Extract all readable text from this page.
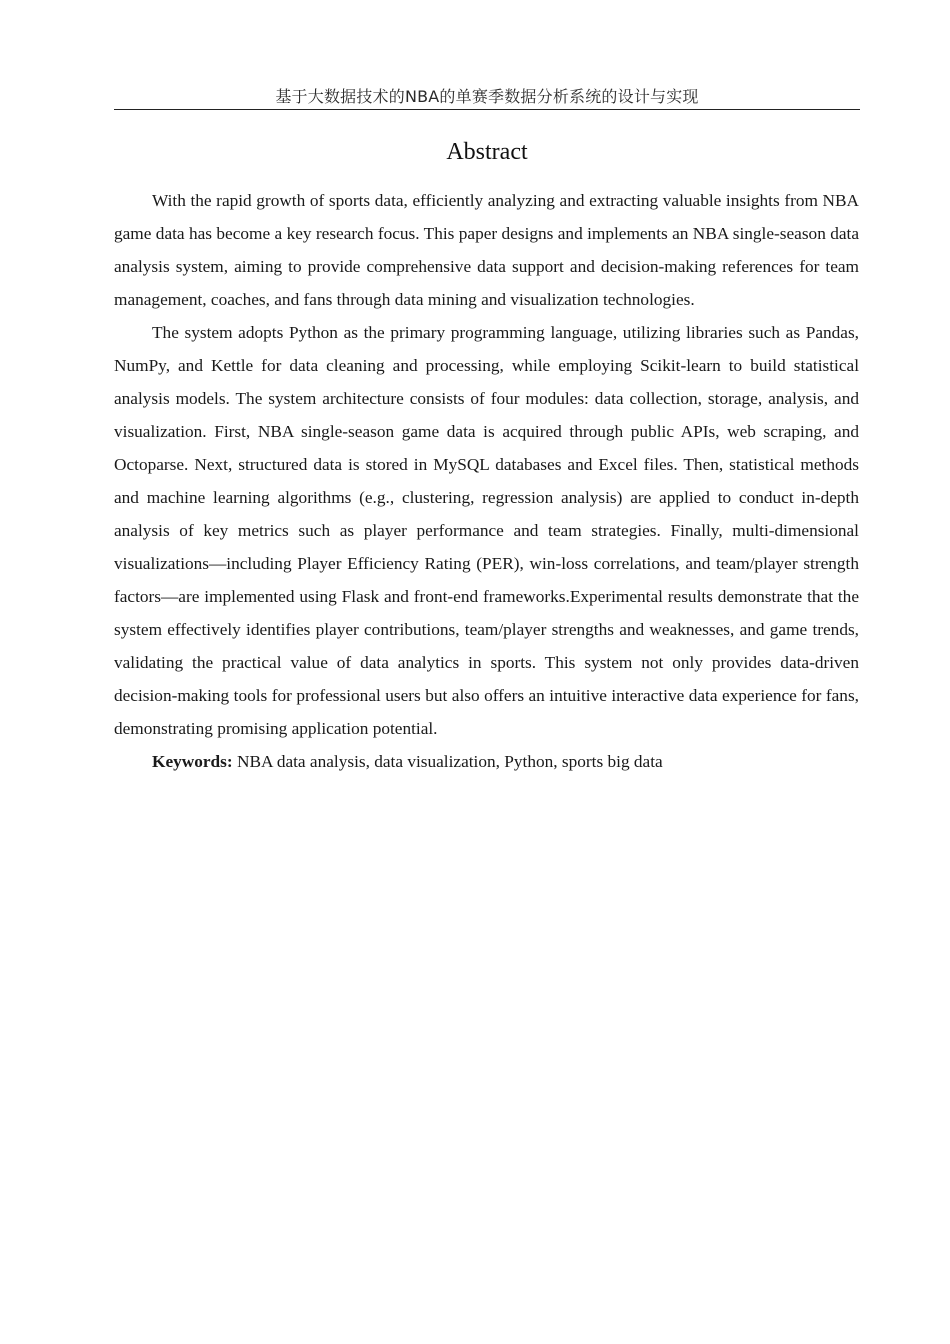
基于大数据技术的NBA的单赛季数据分析系统的设计与实现
Abstract

With the rapid growth of sports data, efficiently analyzing and extracting valuable insights from NBA game data has become a key research focus. This paper designs and implements an NBA single-season data analysis system, aiming to provide comprehensive data support and decision-making references for team management, coaches, and fans through data mining and visualization technologies.

The system adopts Python as the primary programming language, utilizing libraries such as Pandas, NumPy, and Kettle for data cleaning and processing, while employing Scikit-learn to build statistical analysis models. The system architecture consists of four modules: data collection, storage, analysis, and visualization. First, NBA single-season game data is acquired through public APIs, web scraping, and Octoparse. Next, structured data is stored in MySQL databases and Excel files. Then, statistical methods and machine learning algorithms (e.g., clustering, regression analysis) are applied to conduct in-depth analysis of key metrics such as player performance and team strategies. Finally, multi-dimensional visualizations—including Player Efficiency Rating (PER), win-loss correlations, and team/player strength factors—are implemented using Flask and front-end frameworks.Experimental results demonstrate that the system effectively identifies player contributions, team/player strengths and weaknesses, and game trends, validating the practical value of data analytics in sports. This system not only provides data-driven decision-making tools for professional users but also offers an intuitive interactive data experience for fans, demonstrating promising application potential.

Keywords: NBA data analysis, data visualization, Python, sports big data
